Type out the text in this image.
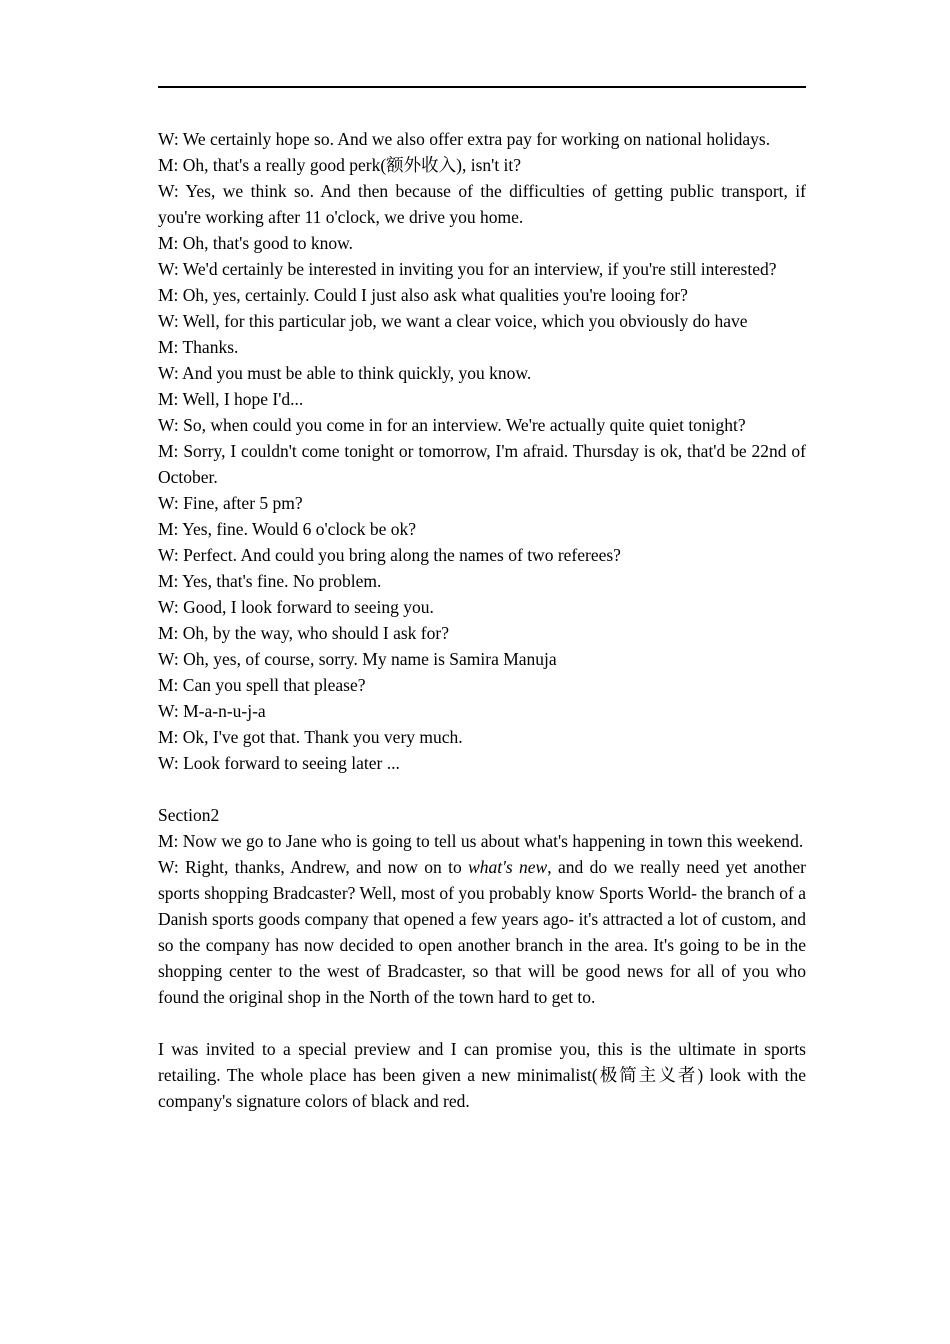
W: We certainly hope so. And we also offer extra pay for working on national holidays.

M: Oh, that's a really good perk(额外收入), isn't it?

W: Yes, we think so. And then because of the difficulties of getting public transport, if you're working after 11 o'clock, we drive you home.

M: Oh, that's good to know.

W: We'd certainly be interested in inviting you for an interview, if you're still interested?

M: Oh, yes, certainly. Could I just also ask what qualities you're looing for?

W: Well, for this particular job, we want a clear voice, which you obviously do have

M: Thanks.

W: And you must be able to think quickly, you know.

M: Well, I hope I'd...

W: So, when could you come in for an interview. We're actually quite quiet tonight?

M: Sorry, I couldn't come tonight or tomorrow, I'm afraid. Thursday is ok, that'd be 22nd of October.

W: Fine, after 5 pm?

M: Yes, fine. Would 6 o'clock be ok?

W: Perfect. And could you bring along the names of two referees?

M: Yes, that's fine. No problem.

W: Good, I look forward to seeing you.

M: Oh, by the way, who should I ask for?

W: Oh, yes, of course, sorry. My name is Samira Manuja

M: Can you spell that please?

W: M-a-n-u-j-a

M: Ok, I've got that. Thank you very much.

W: Look forward to seeing later ...

Section2

M: Now we go to Jane who is going to tell us about what's happening in town this weekend.

W: Right, thanks, Andrew, and now on to what's new, and do we really need yet another sports shopping Bradcaster? Well, most of you probably know Sports World- the branch of a Danish sports goods company that opened a few years ago- it's attracted a lot of custom, and so the company has now decided to open another branch in the area. It's going to be in the shopping center to the west of Bradcaster, so that will be good news for all of you who found the original shop in the North of the town hard to get to.

I was invited to a special preview and I can promise you, this is the ultimate in sports retailing. The whole place has been given a new minimalist(极简主义者) look with the company's signature colors of black and red.
